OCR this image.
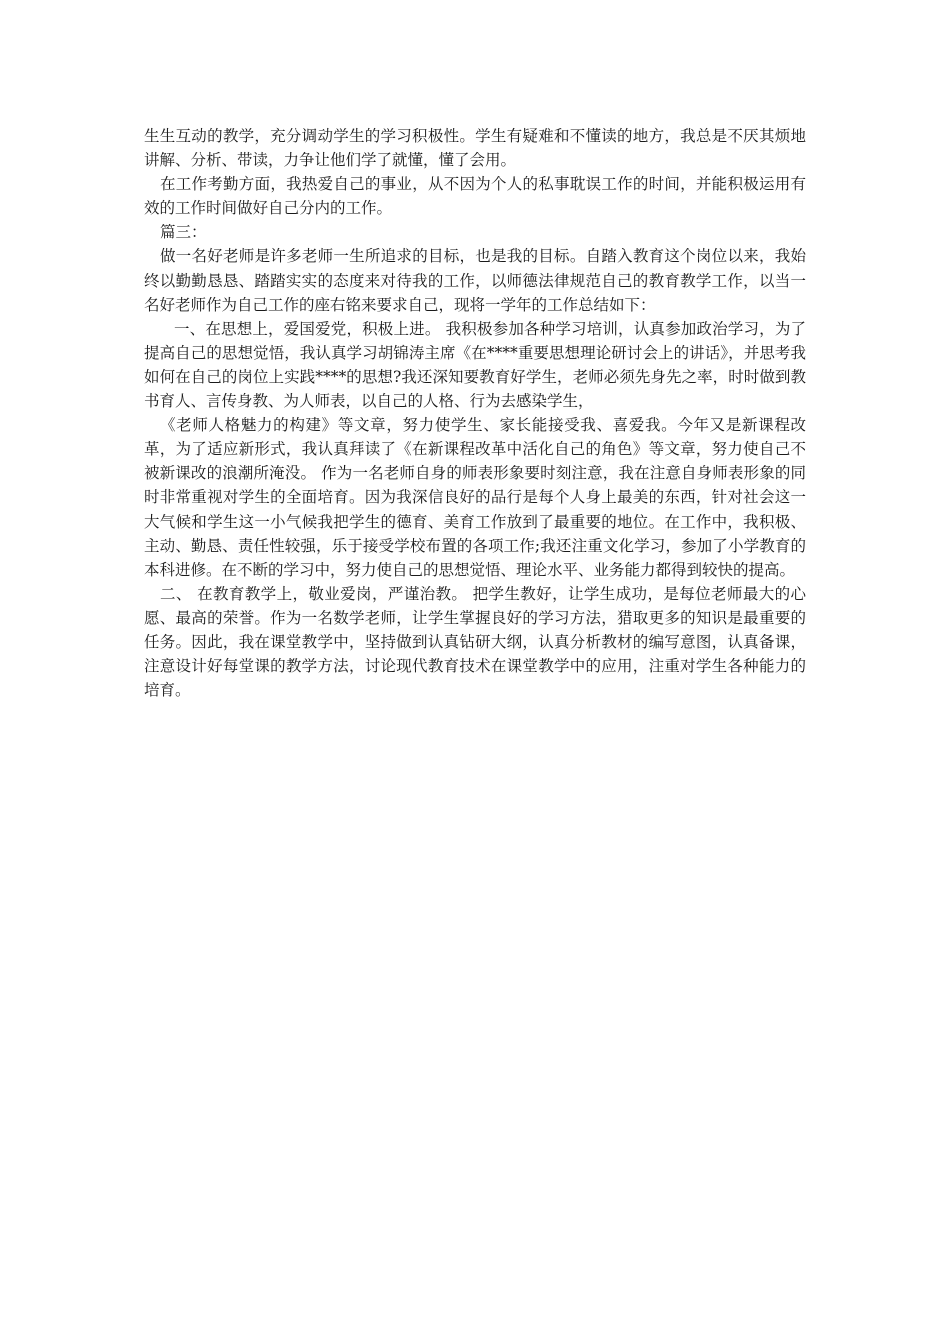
生生互动的教学，充分调动学生的学习积极性。学生有疑难和不懂读的地方，我总是不厌其烦地讲解、分析、带读，力争让他们学了就懂，懂了会用。

在工作考勤方面，我热爱自己的事业，从不因为个人的私事耽误工作的时间，并能积极运用有效的工作时间做好自己分内的工作。

篇三：

做一名好老师是许多老师一生所追求的目标，也是我的目标。自踏入教育这个岗位以来，我始终以勤勤恳恳、踏踏实实的态度来对待我的工作，以师德法律规范自己的教育教学工作，以当一名好老师作为自己工作的座右铭来要求自己，现将一学年的工作总结如下：

一、在思想上，爱国爱党，积极上进。 我积极参加各种学习培训，认真参加政治学习，为了提高自己的思想觉悟，我认真学习胡锦涛主席《在****重要思想理论研讨会上的讲话》，并思考我如何在自己的岗位上实践****的思想?我还深知要教育好学生，老师必须先身先之率，时时做到教书育人、言传身教、为人师表，以自己的人格、行为去感染学生，

《老师人格魅力的构建》等文章，努力使学生、家长能接受我、喜爱我。今年又是新课程改革，为了适应新形式，我认真拜读了《在新课程改革中活化自己的角色》等文章，努力使自己不被新课改的浪潮所淹没。 作为一名老师自身的师表形象要时刻注意，我在注意自身师表形象的同时非常重视对学生的全面培育。因为我深信良好的品行是每个人身上最美的东西，针对社会这一大气候和学生这一小气候我把学生的德育、美育工作放到了最重要的地位。在工作中，我积极、主动、勤恳、责任性较强，乐于接受学校布置的各项工作;我还注重文化学习，参加了小学教育的本科进修。在不断的学习中，努力使自己的思想觉悟、理论水平、业务能力都得到较快的提高。

二、 在教育教学上，敬业爱岗，严谨治教。 把学生教好，让学生成功，是每位老师最大的心愿、最高的荣誉。作为一名数学老师，让学生掌握良好的学习方法，猎取更多的知识是最重要的任务。因此，我在课堂教学中，坚持做到认真钻研大纲，认真分析教材的编写意图，认真备课，注意设计好每堂课的教学方法，讨论现代教育技术在课堂教学中的应用，注重对学生各种能力的培育。
